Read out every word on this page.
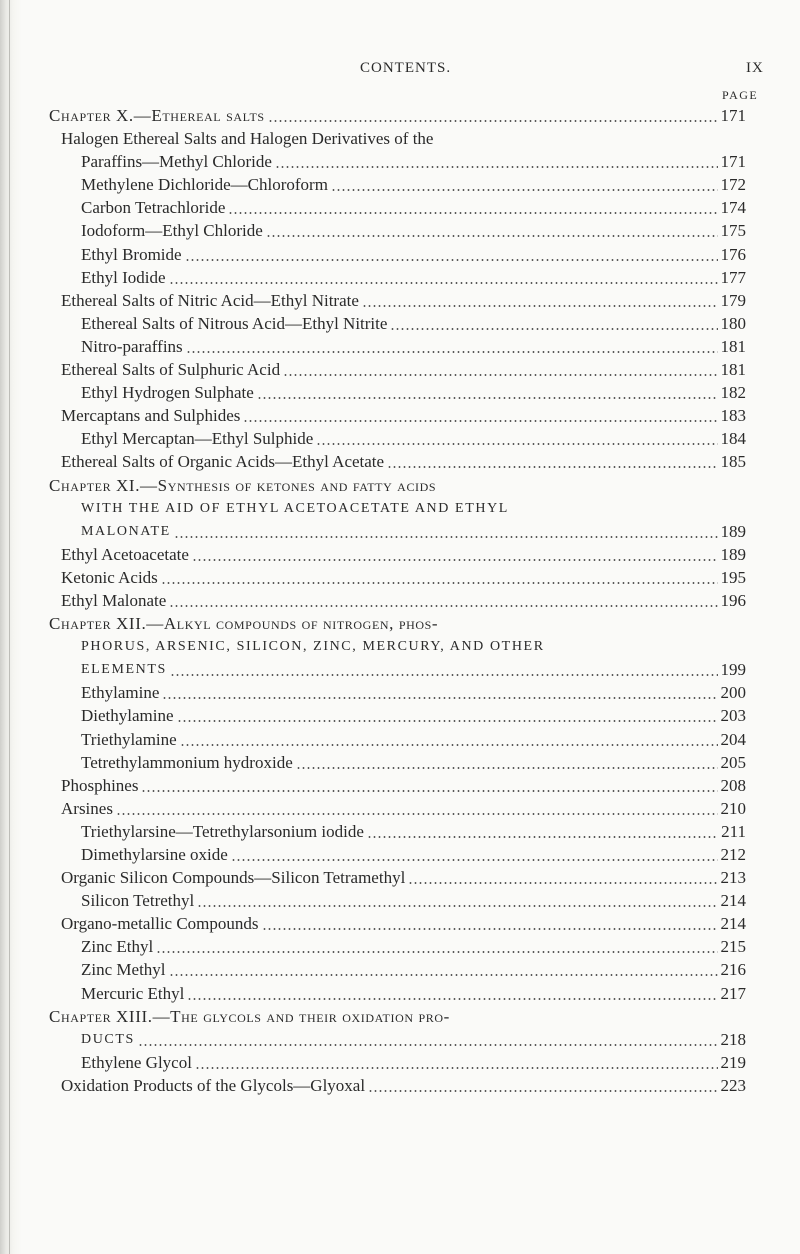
CONTENTS.	IX
PAGE
Chapter X.—Ethereal salts	171
Halogen Ethereal Salts and Halogen Derivatives of the
Paraffins—Methyl Chloride	171
Methylene Dichloride—Chloroform	172
Carbon Tetrachloride	174
Iodoform—Ethyl Chloride	175
Ethyl Bromide	176
Ethyl Iodide	177
Ethereal Salts of Nitric Acid—Ethyl Nitrate	179
Ethereal Salts of Nitrous Acid—Ethyl Nitrite	180
Nitro-paraffins	181
Ethereal Salts of Sulphuric Acid	181
Ethyl Hydrogen Sulphate	182
Mercaptans and Sulphides	183
Ethyl Mercaptan—Ethyl Sulphide	184
Ethereal Salts of Organic Acids—Ethyl Acetate	185
Chapter XI.—Synthesis of ketones and fatty acids
WITH THE AID OF ETHYL ACETOACETATE AND ETHYL
MALONATE	189
Ethyl Acetoacetate	189
Ketonic Acids	195
Ethyl Malonate	196
Chapter XII.—Alkyl compounds of nitrogen, phos-
PHORUS, ARSENIC, SILICON, ZINC, MERCURY, AND OTHER
ELEMENTS	199
Ethylamine	200
Diethylamine	203
Triethylamine	204
Tetrethylammonium hydroxide	205
Phosphines	208
Arsines	210
Triethylarsine—Tetrethylarsonium iodide	211
Dimethylarsine oxide	212
Organic Silicon Compounds—Silicon Tetramethyl	213
Silicon Tetrethyl	214
Organo-metallic Compounds	214
Zinc Ethyl	215
Zinc Methyl	216
Mercuric Ethyl	217
Chapter XIII.—The glycols and their oxidation pro-
DUCTS	218
Ethylene Glycol	219
Oxidation Products of the Glycols—Glyoxal	223
